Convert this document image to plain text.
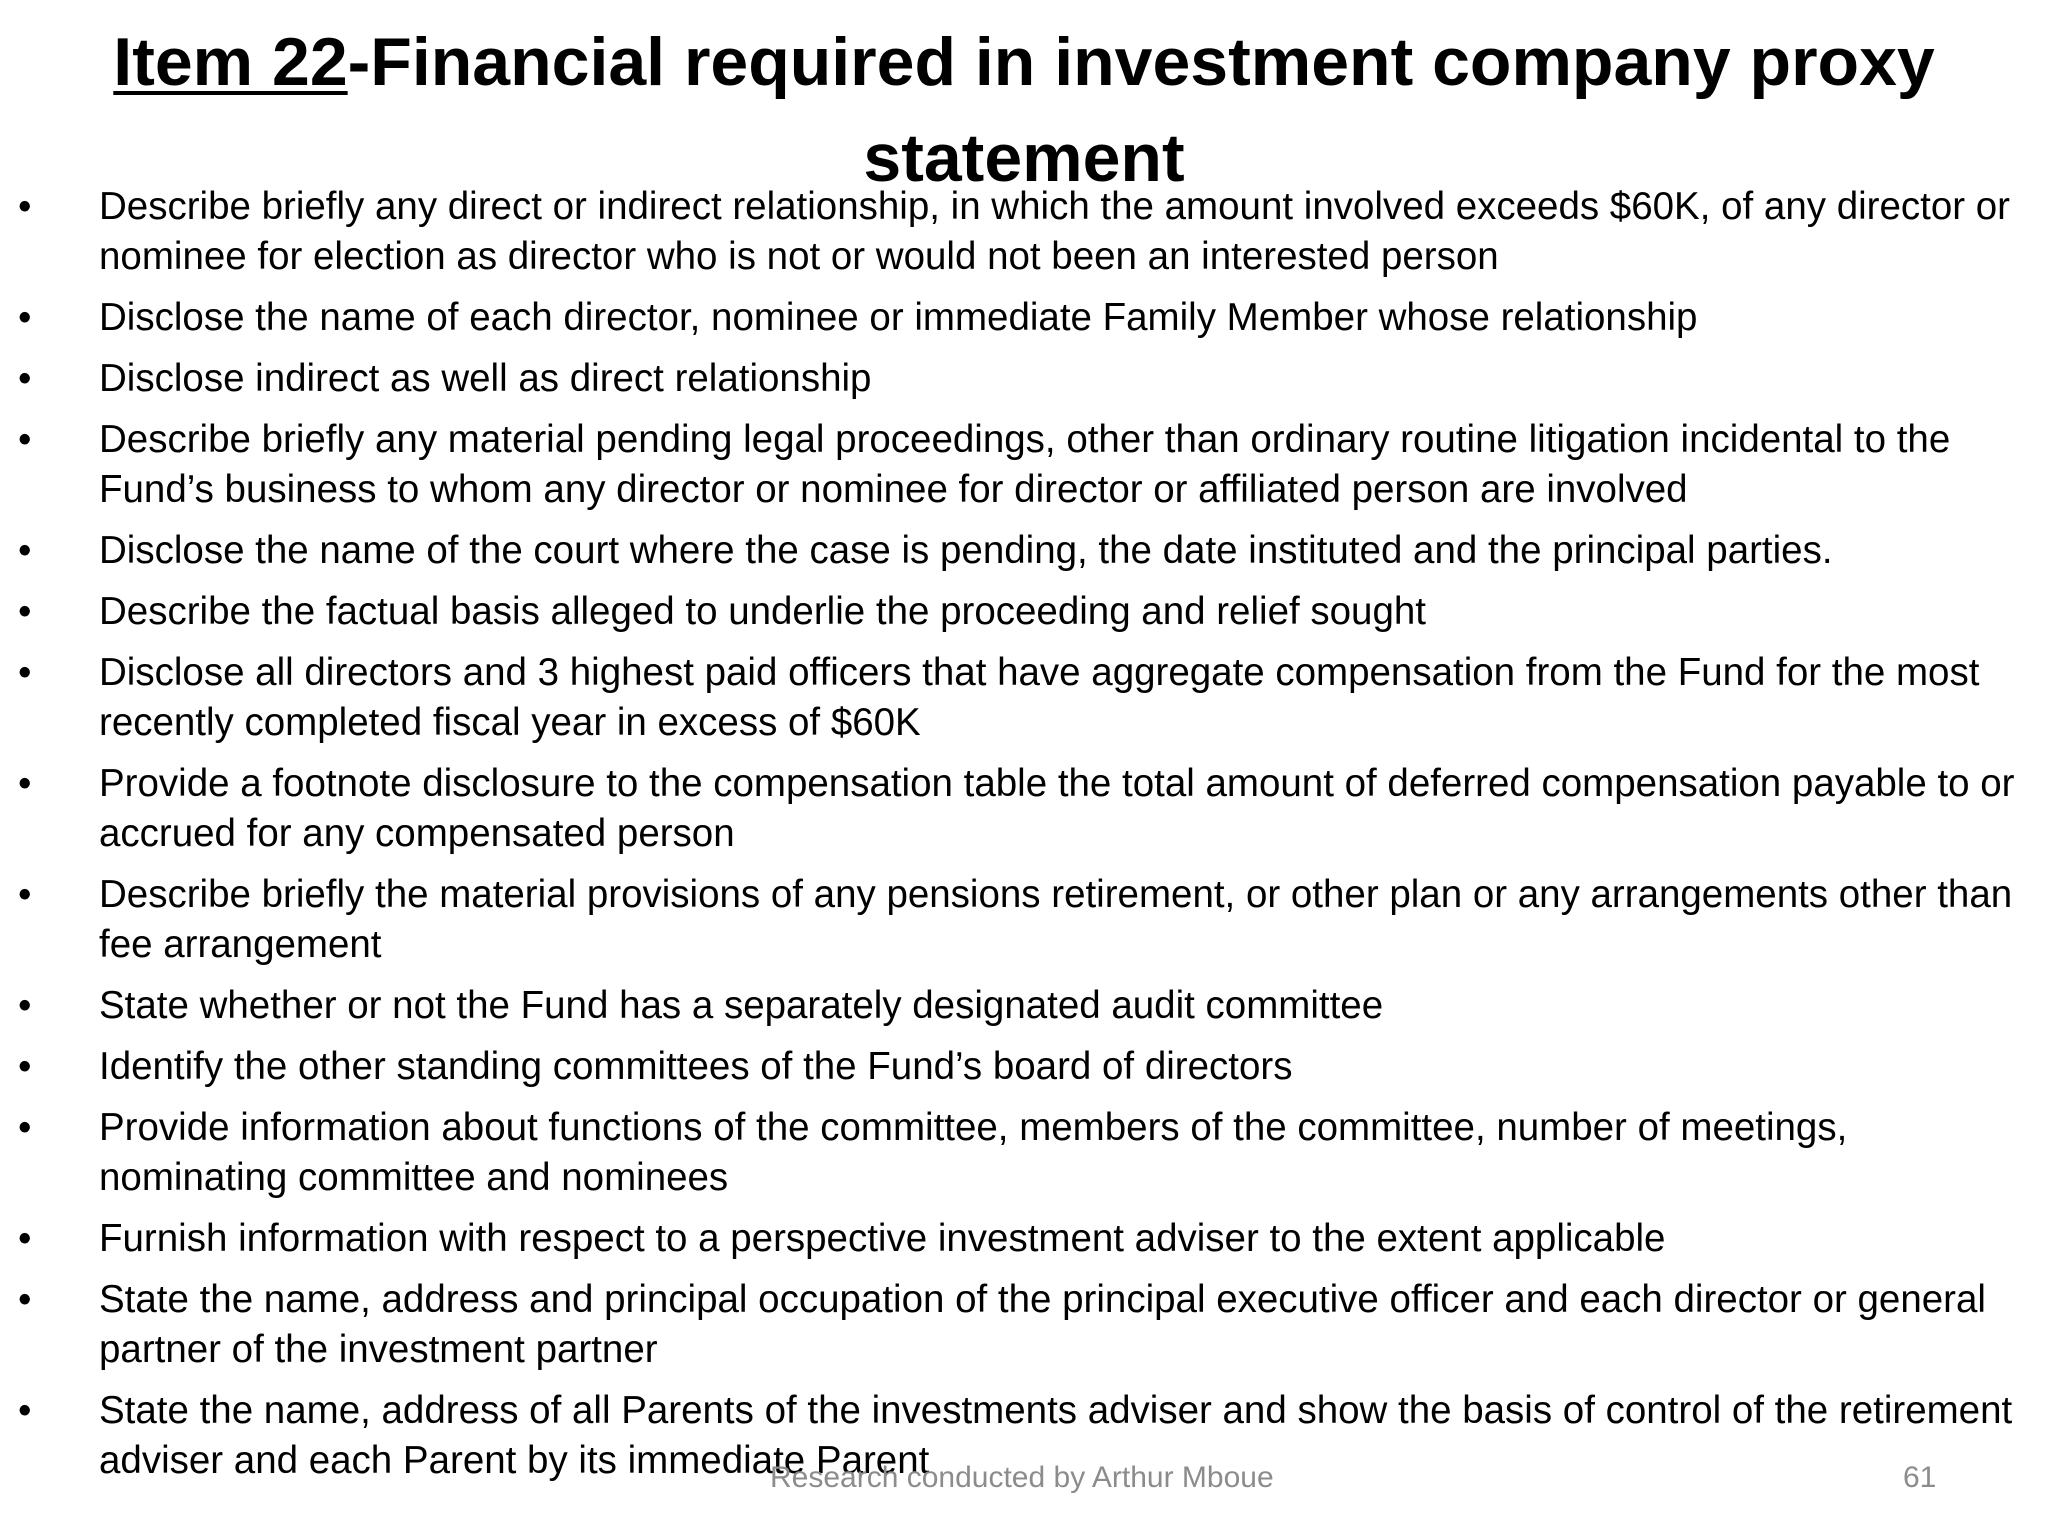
Item 22-Financial required in investment company proxy statement
•	Describe briefly any direct or indirect relationship, in which the amount involved exceeds $60K, of any director or nominee for election as director who is not or would not been an interested person
•	Disclose the name of each director, nominee or immediate Family Member whose relationship
•	Disclose indirect as well as direct relationship
•	Describe briefly any material pending legal proceedings, other than ordinary routine litigation incidental to the Fund’s business to whom any director or nominee for director or affiliated person are involved
•	Disclose the name of the court where the case is pending, the date instituted and the principal parties.
•	Describe the factual basis alleged to underlie the proceeding and relief sought
•	Disclose all directors and 3 highest paid officers that have aggregate compensation from the Fund for the most recently completed fiscal year in excess of $60K
•	Provide a footnote disclosure to the compensation table the total amount of deferred compensation payable to or accrued for any compensated person
•	Describe briefly the material provisions of any pensions retirement, or other plan or any arrangements other than fee arrangement
•	State whether or not the Fund has a separately designated audit committee
•	Identify the other standing committees of the Fund’s board of directors
•	Provide information about functions of the committee, members of the committee, number of meetings, nominating committee and nominees
•	Furnish information with respect to a perspective investment adviser to the extent applicable
•	State the name, address and principal occupation of the principal executive officer and each director or general partner of the investment partner
•	State the name, address of all Parents of the investments adviser and show the basis of control of the retirement adviser and each Parent by its immediate Parent
Research conducted by Arthur Mboue	61
